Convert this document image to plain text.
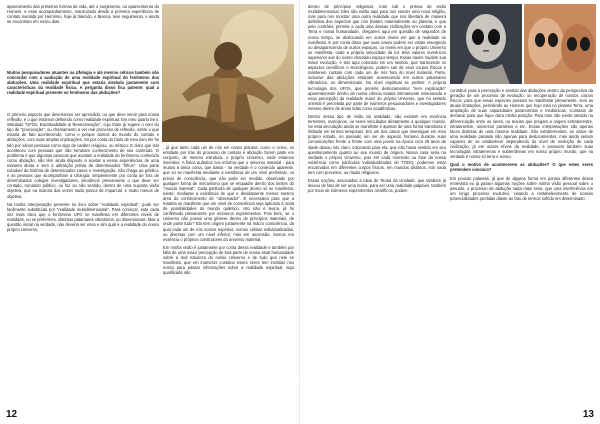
aparecimento das primeiras formas de vida, até o surgimento, ou aparecimento do Homem, e esse acompanhamento, manicurado desde a primeira experiência de contato mantida por Hermínio, hoje já falecido, e Bianca, teve seguimento, e ainda se encontram em nosso dias.

Muitos pesquisadores atuantes na Ufologia e até mesmo céticos também vão concordar com a avaliação de uma realidade espiritual do fenômeno dos abduções. Uma realidade espiritual que estaria atrelada justamente com características da realidade física. A pergunta disso fica patente: qual a realidade espiritual presente no fenômeno das abduções?

O primeiro aspecto que deveríamos ser aprendido, ou que deve servir para nossa reflexão, é o que estamos definindo como realidade espiritual. Em meu quarto livro, intitulado "UFOs, Espiritualidade & Reencarnação", cujo título já sugere o eixo do tipo de "provocação", ou chamamento a ver real processo de reflexão, sobre o que estaria de fato acontecendo, como e porque damos do mundo do contato e abduções, com suas amplas implicações. Só por conta do título de meu livro ele foi tido por vários pessoas como algo de caráter religioso, ou místico. E claro que isto aconteceu com pessoas que não tomaram conhecimento de seu conteúdo. O problema é que algumas pessoas que aceitam a realidade do fenômeno conhecido como abdução, não têm ainda disposto a aceitar a essas experiências de uma maneira direta e sem a utilização prévia de determinados "filtros". Uma parte razoável da história de determinados casos e investigação, não chega ao público, e as pessoas que acompanham a Ufologia, simplesmente por conta de fora de determinados colegas investigadores, decidimos previamente o que deve ser contado, tornando público, ou faz ou não sentido, dentro de uma suposta visão objetiva, que na maioria das vezes nada possui de imparcial, e muito menos de objetiva.

Na minha interpretação presente no livro sobre "realidade espiritual", pode ser facilmente substituída por "realidade multidimensional". Para começar, este cada vez mais claro que o fenômeno UFO se manifesta em diferentes níveis de realidade, ou se preferirem, distintos patamares vibratórios, ou dimensionais. Mas a questão inicial na verdade, não deveria ser essa e sim qual é a realidade do nosso próprio Universo,

, já que tanto cada um de nós em nosso planeta, como o cerne, os entidade por trás do processo de contato e abdução fazem parte em conjunto, de mesmo estrutura, o próprio Universo, onde estamos inseridos. A física quântica nos informa que o universo material - para muitos a única coisa, que basta - na verdade é o conteúdo aparente, que só se manifesta mediante a existência de um nível preliminar, ou prévio de consciência, que não pode ser medido, observado por qualquer forma de mecanismo que se enquadre dentro dos limites do "mundo material". Cada partícula de qualquer átomo só se manifesta, existe, mediante a existência de que e devidamente menos mesmo área do conhecimento de "observador". É necessária para que a matéria se manifeste que um nível de consciência seja aplicado à onda de possibilidades do mundo quântico. Isto não é teoria, já foi confirmado plenamente por inúmeros experimentos. Pois bem, se o Universo não possui uma gênese dentro de princípios materiais, de onde parte tudo? Ela tem origem justamente na macro consciência, da qual cada um de nós somos espíritos, somos células individualizadas, ou diversas com um nível inferior, mas em ascensão. Somos em essência o próprios construtores do universo material.

Em minha visão é justamente por conta dessa realidade e também por falta de uma maior percepção de boa parte de nossa atual humanidade sobre a real natureza do nosso Universo e de tudo que nele se manifesta, que em inúmeros contatos esses seres tem insistido nos nosso para passar informações sobre a realidade espiritual, aqui qualificada não

12

dentro de princípios religiosos, mas sob o prisma de visão multidimensional. Eles não estão aqui para nos vender uma nova religião, mas para nos mostrar uma outra realidade que nos libertará de maneira definitiva dos aspectos que nos limitam materialmente ao planeta, e que pelo contrário, permite a cada uma dessas civilizações em contato com a Terra e nossa humanidade, chegarem aqui em questão de segundos de nosso tempo, se deslocando em outros níveis em que a realidade se manifesta. E por conta disso que suas naves podem ser vistas emergindo ou desaparecendo de outros espaços, ou níveis em que o próprio Universo se manifesta, onde a própria velocidade da luz teria valores numéricos superiores aos do nosso chamado espaço-tempo. Essas naves mudam sua maior evolução, e isto aqui colocado em um sentido, que transcende os aspectos científicos e tecnológicos, podem sair de seus corpos físicos e manterem contato com cada um de nós fora do nível material. Parte, inclusive das abduções estariam acontecendo em outros patamares vibratórios, ou dimensionais. No nível espiritual se preferir. A própria tecnologia dos UFOs, que permite deslocamentos "sem explicação" aparentemente dentro de nossa ciência estaria intimamente relacionada a essa percepção da realidade maior do próprio Universo, que no sentido oriental é percebida por parte de inúmeros pesquisadores e investigadores mesmo dentro de áreas tidas como acadêmicas.

Dentro dessa tipo de visão da realidade, não existem em essência terrestres, marcianos, ou seres vinculados diretamente a qualquer mundo. Se esta vinculação ainda se manifeste é apenas de uma forma transitória e limitada em termos temporais. Em um dos casos que investiguei em meu próprio estado, no passado um ser de aspecto humano durante suas comunicações frente a frente com uma jovem na época com 28 anos de idade deixou isto claro, colocando para ela, que não havia sentido em seu questionamento quanto ao seu mundo de origem. Nossa casa seria na verdade o próprio Universo, pois em cada momento ou fase da nossa existência como partículas individualizadas do TODO, podemos estar encarnados em diferentes corpos físicos, em mundos distintos. Isto nada tem com preceitos, ou rituais religiosos.

Essas noções, associadas a ideia de Teoria da Unidade, que também já deixou de fato de ser uma teoria, para ser uma realidade palpável, também por meio de inúmeros experimentos científicos, podem

contribuir para a percepção e sentido das abduções dentro da perspectiva da geração de um processo de evolução, ou recuperação de nossos corpos físicos, para que essas espécies possam se manifestar plenamente, sem as atuais limitações, permitindo ao Homem que hoje está no planeta Terra, uma ampliação de suas capacidades paranormais e mediúnicas. Contatos de destacar para que fique clara minha posição. Para mim não existe sentido na diferenciação entre os seres, ou teorias que pregam a origem extraterrestre, intraterrestre, universos paralelos e etc. Essas interpretações são apenas faces distintas de uma mesma realidade. São extraterrestres, se vistos de uma realidade paralela não apenas para deslocamentos, mas ainda seriam capazes de se estabelecer dependendo do nível de evolução de cada civilização, já em outros níveis da realidade, e possuem também suas tecnologias intraterrenas e subterrâneas em nosso próprio mundo, que na verdade é nosso só terra e nosso.

Qual o motivo de acontecerem as abduções? O que estes seres pretendem conosco?

Em poucas palavras, já que de alguma forma em pontos diferentes dessa entrevista eu já passei algumas noções sobre minha visão pessoal sobre o assunto, o processo de abdução nada mais seria, que uma interferência em um longo processo evolutivo, visando a restabelecimento de nossas potencialidades perdidas diante ao fato de termos sofrido em determinado

13
